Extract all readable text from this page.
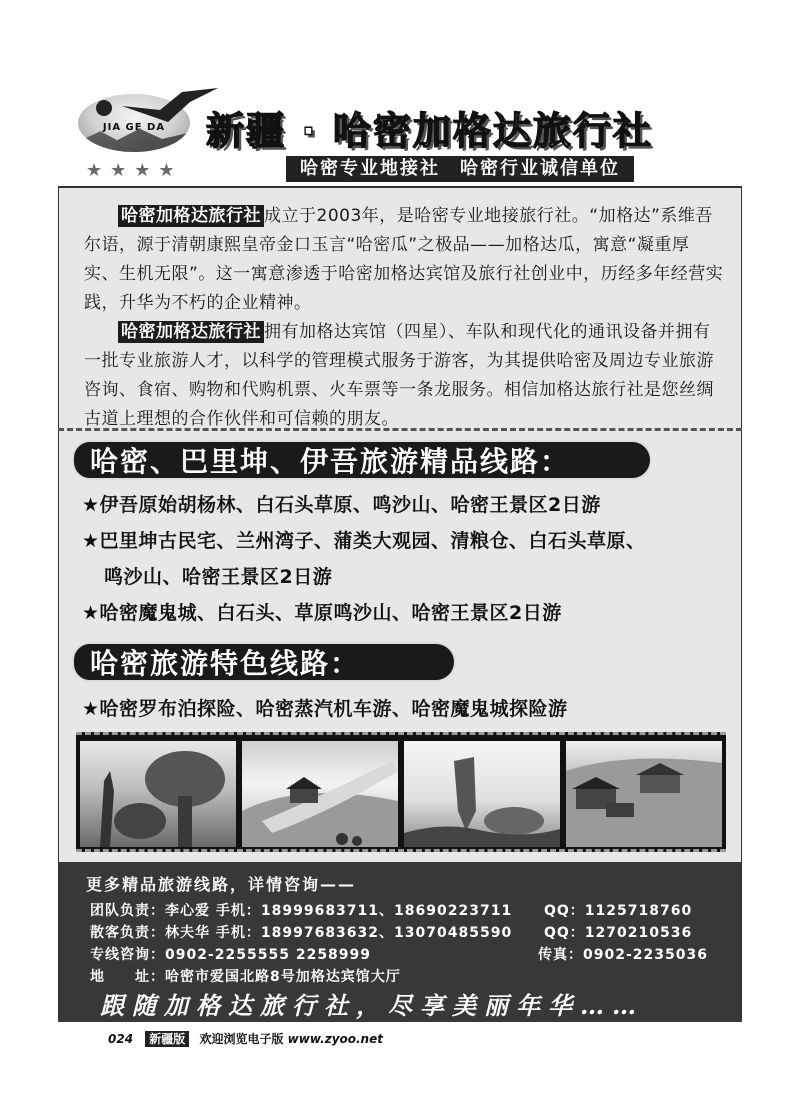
JIA GE DA
★★★★
新疆 · 哈密加格达旅行社
哈密专业地接社　哈密行业诚信单位

哈密加格达旅行社 成立于2003年，是哈密专业地接旅行社。“加格达”系维吾尔语，源于清朝康熙皇帝金口玉言“哈密瓜”之极品——加格达瓜，寓意“凝重厚实、生机无限”。这一寓意渗透于哈密加格达宾馆及旅行社创业中，历经多年经营实践，升华为不朽的企业精神。

哈密加格达旅行社 拥有加格达宾馆（四星）、车队和现代化的通讯设备并拥有一批专业旅游人才，以科学的管理模式服务于游客，为其提供哈密及周边专业旅游咨询、食宿、购物和代购机票、火车票等一条龙服务。相信加格达旅行社是您丝绸古道上理想的合作伙伴和可信赖的朋友。

哈密、巴里坤、伊吾旅游精品线路：
★伊吾原始胡杨林、白石头草原、鸣沙山、哈密王景区2日游
★巴里坤古民宅、兰州湾子、蒲类大观园、清粮仓、白石头草原、
鸣沙山、哈密王景区2日游
★哈密魔鬼城、白石头、草原鸣沙山、哈密王景区2日游
哈密旅游特色线路：
★哈密罗布泊探险、哈密蒸汽机车游、哈密魔鬼城探险游
更多精品旅游线路，详情咨询——
团队负责：李心爱 手机：18999683711、18690223711 QQ：1125718760
散客负责：林夫华 手机：18997683632、13070485590 QQ：1270210536
专线咨询：0902-2255555 2258999	传真：0902-2235036
地　　址：哈密市爱国北路8号加格达宾馆大厅
跟随加格达旅行社，尽享美丽年华……
024 新疆版 欢迎浏览电子版 www.zyoo.net
